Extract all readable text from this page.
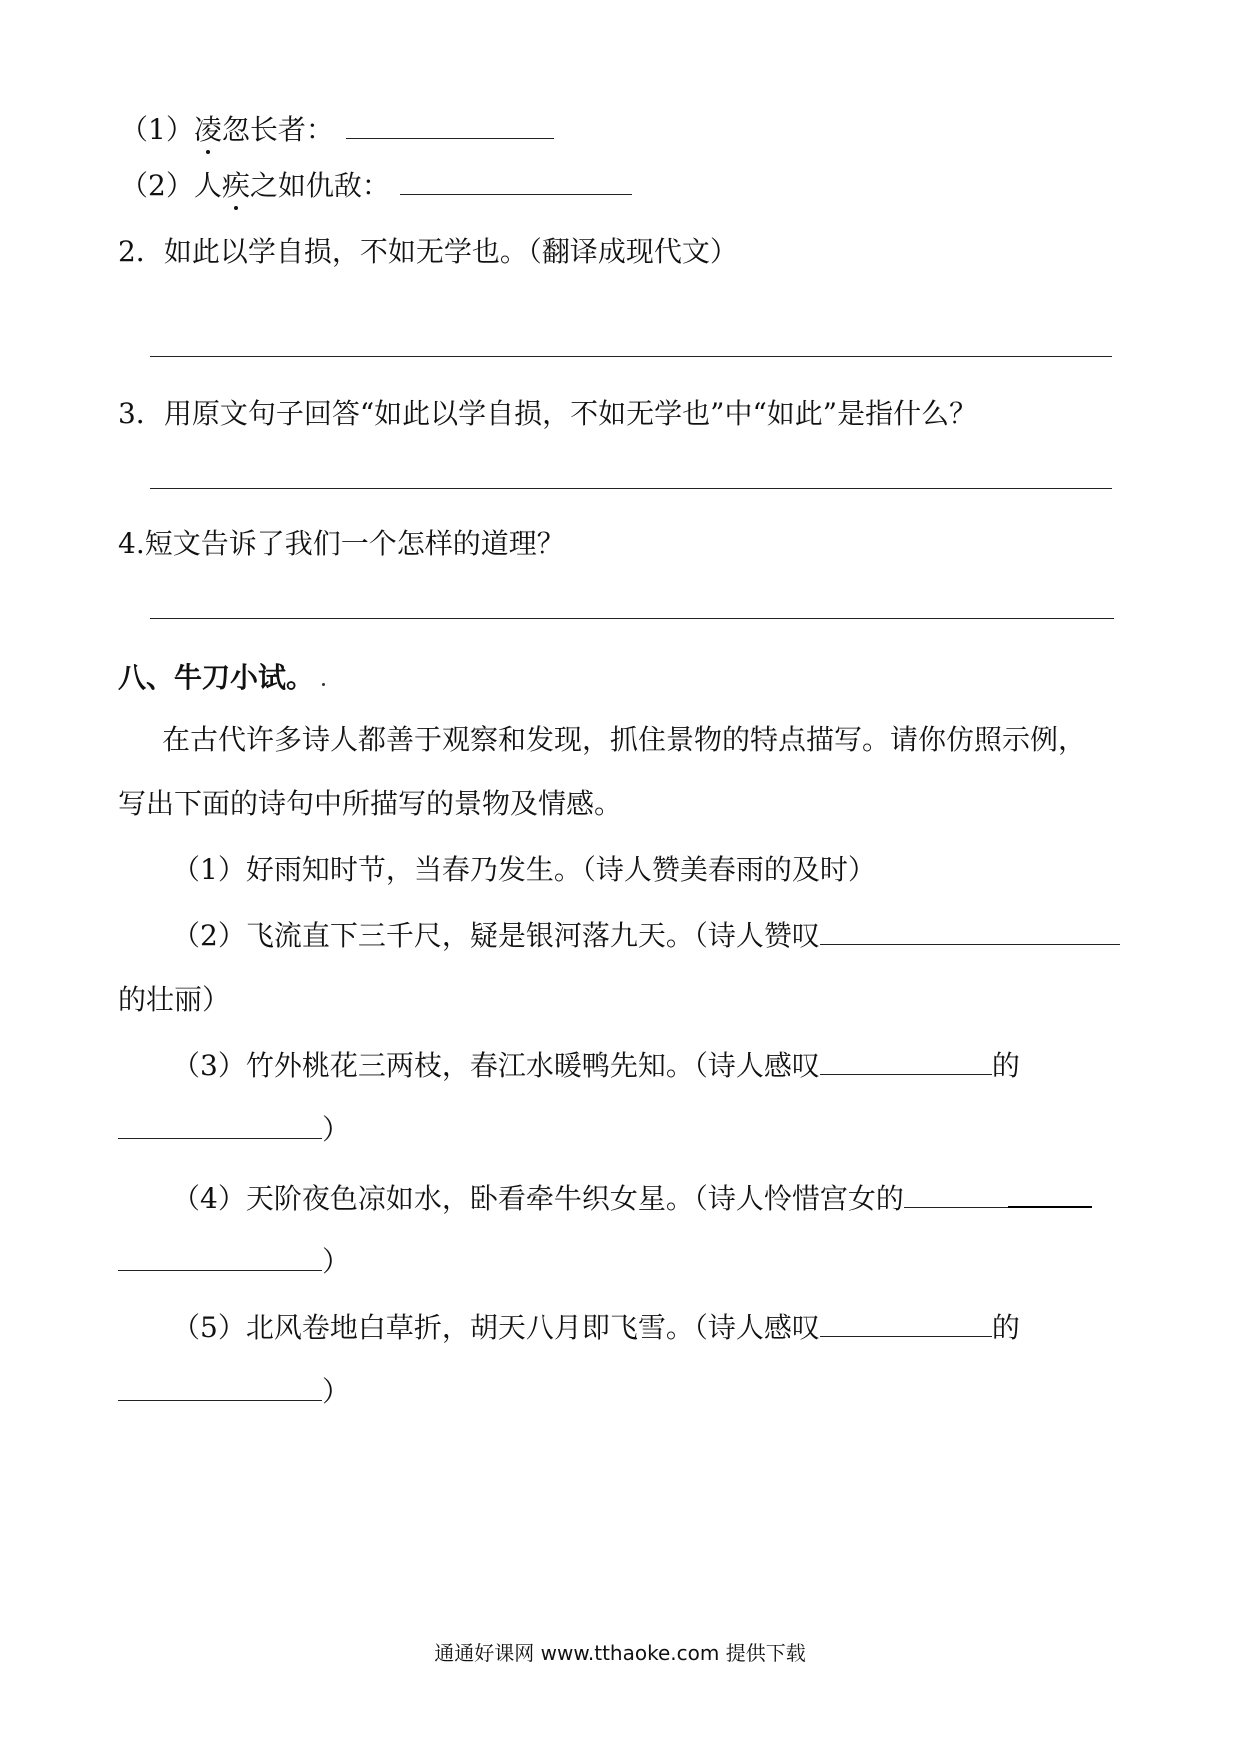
（1）凌忽长者：
（2）人疾之如仇敌：
2．如此以学自损，不如无学也。（翻译成现代文）
3．用原文句子回答“如此以学自损，不如无学也”中“如此”是指什么？
4.短文告诉了我们一个怎样的道理？
八、牛刀小试。
在古代许多诗人都善于观察和发现，抓住景物的特点描写。请你仿照示例，
写出下面的诗句中所描写的景物及情感。
（1）好雨知时节，当春乃发生。（诗人赞美春雨的及时）
（2）飞流直下三千尺，疑是银河落九天。（诗人赞叹
的壮丽）
（3）竹外桃花三两枝，春江水暖鸭先知。（诗人感叹	的
）
（4）天阶夜色凉如水，卧看牵牛织女星。（诗人怜惜宫女的
）
（5）北风卷地白草折，胡天八月即飞雪。（诗人感叹	的
）
通通好课网 www.tthaoke.com 提供下载
